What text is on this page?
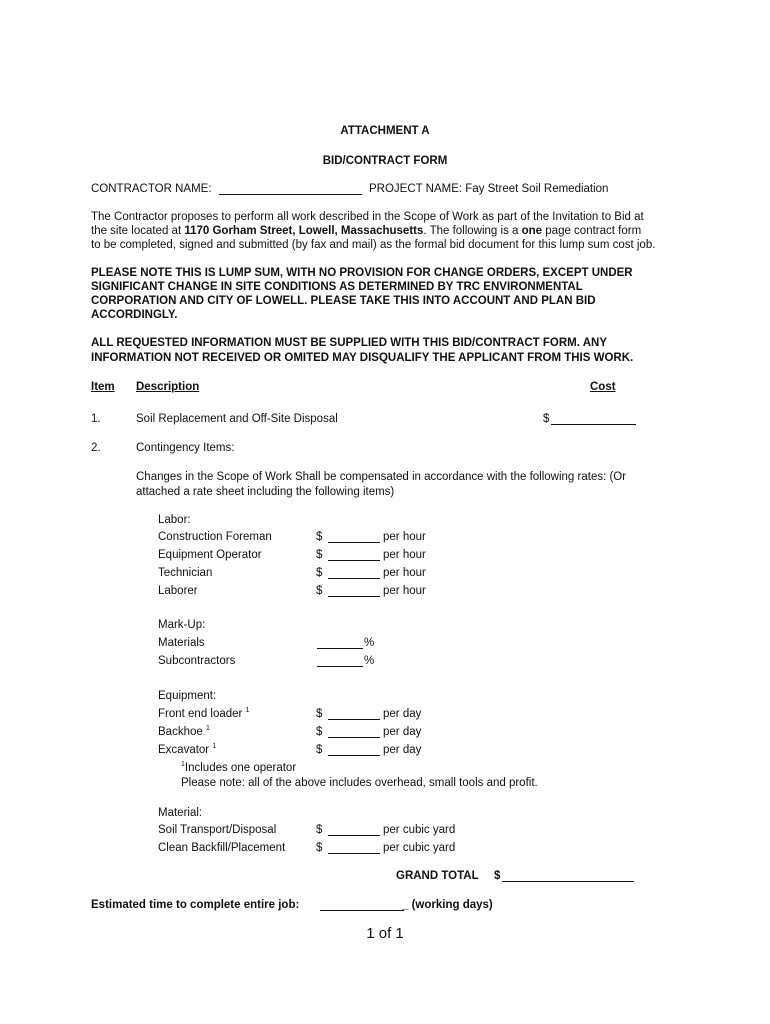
ATTACHMENT A
BID/CONTRACT FORM
CONTRACTOR NAME:	PROJECT NAME: Fay Street Soil Remediation
The Contractor proposes to perform all work described in the Scope of Work as part of the Invitation to Bid at
the site located at 1170 Gorham Street, Lowell, Massachusetts. The following is a one page contract form
to be completed, signed and submitted (by fax and mail) as the formal bid document for this lump sum cost job.
PLEASE NOTE THIS IS LUMP SUM, WITH NO PROVISION FOR CHANGE ORDERS, EXCEPT UNDER
SIGNIFICANT CHANGE IN SITE CONDITIONS AS DETERMINED BY TRC ENVIRONMENTAL
CORPORATION AND CITY OF LOWELL. PLEASE TAKE THIS INTO ACCOUNT AND PLAN BID
ACCORDINGLY.
ALL REQUESTED INFORMATION MUST BE SUPPLIED WITH THIS BID/CONTRACT FORM. ANY
INFORMATION NOT RECEIVED OR OMITED MAY DISQUALIFY THE APPLICANT FROM THIS WORK.
Item Description	Cost
1.	Soil Replacement and Off-Site Disposal	$
2.	Contingency Items:
Changes in the Scope of Work Shall be compensated in accordance with the following rates: (Or
attached a rate sheet including the following items)
Labor:
Construction Foreman	$	per hour
Equipment Operator	$	per hour
Technician	$	per hour
Laborer	$	per hour
Mark-Up:
Materials	%
Subcontractors	%
Equipment:
Front end loader $^1$	$	per day
Backhoe $^1$	$	per day
Excavator $^1$	$	per day
$^1$Includes one operator
Please note: all of the above includes overhead, small tools and profit.
Material:
Soil Transport/Disposal	$	per cubic yard
Clean Backfill/Placement	$	per cubic yard
GRAND TOTAL $
Estimated time to complete entire job:	_ (working days)
1 of 1
